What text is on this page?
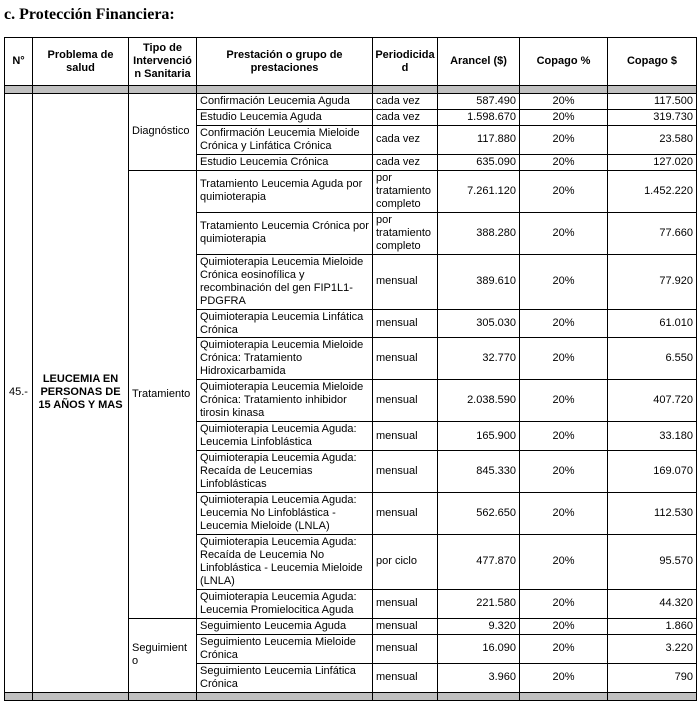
c. Protección Financiera:
N°	Problema de salud	Tipo de Intervención Sanitaria	Prestación o grupo de prestaciones	Periodicidad	Arancel ($)	Copago %	Copago $

45.-	LEUCEMIA EN PERSONAS DE 15 AÑOS Y MAS	Diagnóstico	Confirmación Leucemia Aguda	cada vez	587.490	20%	117.500
			Estudio Leucemia Aguda	cada vez	1.598.670	20%	319.730
			Confirmación Leucemia Mieloide Crónica y Linfática Crónica	cada vez	117.880	20%	23.580
			Estudio Leucemia Crónica	cada vez	635.090	20%	127.020
		Tratamiento	Tratamiento Leucemia Aguda por quimioterapia	por tratamiento completo	7.261.120	20%	1.452.220
			Tratamiento Leucemia Crónica por quimioterapia	por tratamiento completo	388.280	20%	77.660
			Quimioterapia Leucemia Mieloide Crónica eosinofílica y recombinación del gen FIP1L1-PDGFRA	mensual	389.610	20%	77.920
			Quimioterapia Leucemia Linfática Crónica	mensual	305.030	20%	61.010
			Quimioterapia Leucemia Mieloide Crónica: Tratamiento Hidroxicarbamida	mensual	32.770	20%	6.550
			Quimioterapia Leucemia Mieloide Crónica: Tratamiento inhibidor tirosin kinasa	mensual	2.038.590	20%	407.720
			Quimioterapia Leucemia Aguda: Leucemia Linfoblástica	mensual	165.900	20%	33.180
			Quimioterapia Leucemia Aguda: Recaída de Leucemias Linfoblásticas	mensual	845.330	20%	169.070
			Quimioterapia Leucemia Aguda: Leucemia No Linfoblástica - Leucemia Mieloide (LNLA)	mensual	562.650	20%	112.530
			Quimioterapia Leucemia Aguda: Recaída de Leucemia No Linfoblástica - Leucemia Mieloide (LNLA)	por ciclo	477.870	20%	95.570
			Quimioterapia Leucemia Aguda: Leucemia Promielocitica Aguda	mensual	221.580	20%	44.320
		Seguimiento	Seguimiento Leucemia Aguda	mensual	9.320	20%	1.860
			Seguimiento Leucemia Mieloide Crónica	mensual	16.090	20%	3.220
			Seguimiento Leucemia Linfática Crónica	mensual	3.960	20%	790
